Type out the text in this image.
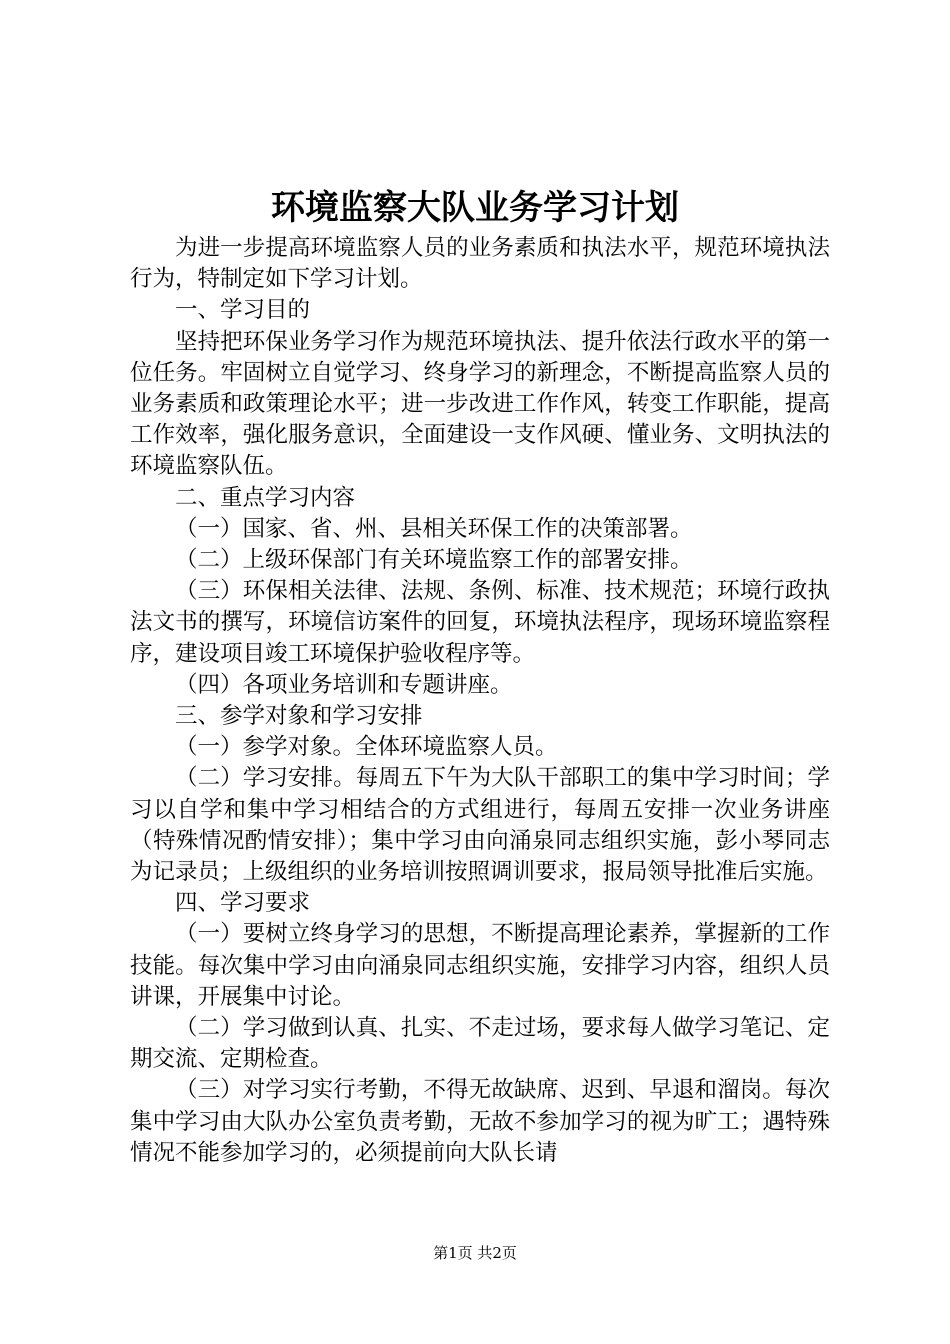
环境监察大队业务学习计划

为进一步提高环境监察人员的业务素质和执法水平，规范环境执法行为，特制定如下学习计划。

一、学习目的

坚持把环保业务学习作为规范环境执法、提升依法行政水平的第一位任务。牢固树立自觉学习、终身学习的新理念，不断提高监察人员的业务素质和政策理论水平；进一步改进工作作风，转变工作职能，提高工作效率，强化服务意识，全面建设一支作风硬、懂业务、文明执法的环境监察队伍。

二、重点学习内容

（一）国家、省、州、县相关环保工作的决策部署。

（二）上级环保部门有关环境监察工作的部署安排。

（三）环保相关法律、法规、条例、标准、技术规范；环境行政执法文书的撰写，环境信访案件的回复，环境执法程序，现场环境监察程序，建设项目竣工环境保护验收程序等。

（四）各项业务培训和专题讲座。

三、参学对象和学习安排

（一）参学对象。全体环境监察人员。

（二）学习安排。每周五下午为大队干部职工的集中学习时间；学习以自学和集中学习相结合的方式组进行，每周五安排一次业务讲座（特殊情况酌情安排）；集中学习由向涌泉同志组织实施，彭小琴同志为记录员；上级组织的业务培训按照调训要求，报局领导批准后实施。

四、学习要求

（一）要树立终身学习的思想，不断提高理论素养，掌握新的工作技能。每次集中学习由向涌泉同志组织实施，安排学习内容，组织人员讲课，开展集中讨论。

（二）学习做到认真、扎实、不走过场，要求每人做学习笔记、定期交流、定期检查。

（三）对学习实行考勤，不得无故缺席、迟到、早退和溜岗。每次集中学习由大队办公室负责考勤，无故不参加学习的视为旷工；遇特殊情况不能参加学习的，必须提前向大队长请

第1页 共2页
